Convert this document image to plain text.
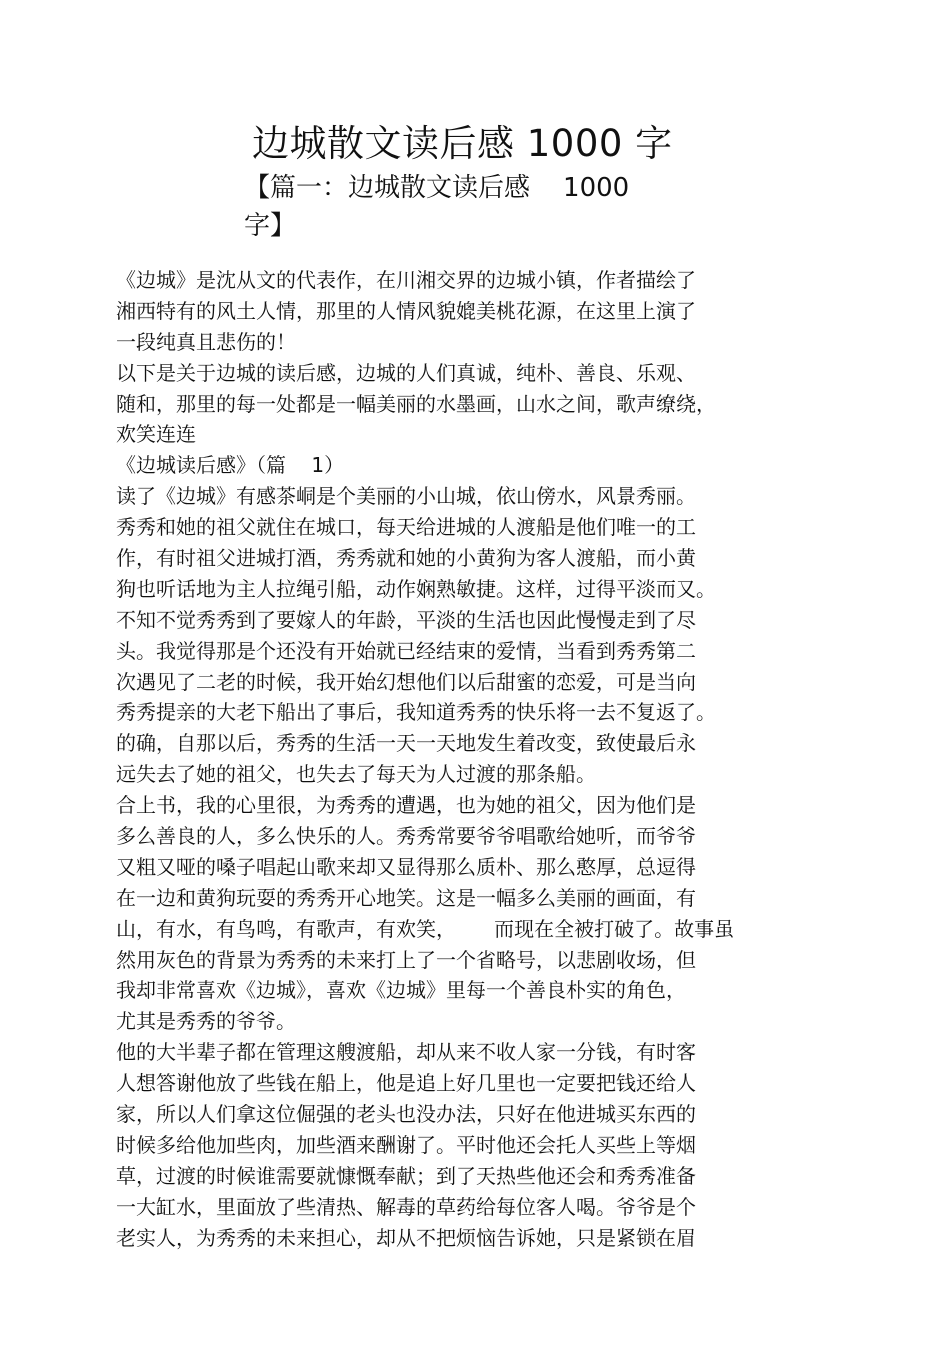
边城散文读后感 1000 字
【篇一：边城散文读后感    1000
字】
《边城》是沈从文的代表作，在川湘交界的边城小镇，作者描绘了
湘西特有的风土人情，那里的人情风貌媲美桃花源，在这里上演了
一段纯真且悲伤的！
以下是关于边城的读后感，边城的人们真诚，纯朴、善良、乐观、
随和，那里的每一处都是一幅美丽的水墨画，山水之间，歌声缭绕，
欢笑连连
《边城读后感》（篇    1）
读了《边城》有感茶峒是个美丽的小山城，依山傍水，风景秀丽。
秀秀和她的祖父就住在城口，每天给进城的人渡船是他们唯一的工
作，有时祖父进城打酒，秀秀就和她的小黄狗为客人渡船，而小黄
狗也听话地为主人拉绳引船，动作娴熟敏捷。这样，过得平淡而又。
不知不觉秀秀到了要嫁人的年龄，平淡的生活也因此慢慢走到了尽
头。我觉得那是个还没有开始就已经结束的爱情，当看到秀秀第二
次遇见了二老的时候，我开始幻想他们以后甜蜜的恋爱，可是当向
秀秀提亲的大老下船出了事后，我知道秀秀的快乐将一去不复返了。
的确，自那以后，秀秀的生活一天一天地发生着改变，致使最后永
远失去了她的祖父，也失去了每天为人过渡的那条船。
合上书，我的心里很，为秀秀的遭遇，也为她的祖父，因为他们是
多么善良的人，多么快乐的人。秀秀常要爷爷唱歌给她听，而爷爷
又粗又哑的嗓子唱起山歌来却又显得那么质朴、那么憨厚，总逗得
在一边和黄狗玩耍的秀秀开心地笑。这是一幅多么美丽的画面，有
山，有水，有鸟鸣，有歌声，有欢笑，      而现在全被打破了。故事虽
然用灰色的背景为秀秀的未来打上了一个省略号，以悲剧收场，但
我却非常喜欢《边城》，喜欢《边城》里每一个善良朴实的角色，
尤其是秀秀的爷爷。
他的大半辈子都在管理这艘渡船，却从来不收人家一分钱，有时客
人想答谢他放了些钱在船上，他是追上好几里也一定要把钱还给人
家，所以人们拿这位倔强的老头也没办法，只好在他进城买东西的
时候多给他加些肉，加些酒来酬谢了。平时他还会托人买些上等烟
草，过渡的时候谁需要就慷慨奉献；到了天热些他还会和秀秀准备
一大缸水，里面放了些清热、解毒的草药给每位客人喝。爷爷是个
老实人，为秀秀的未来担心，却从不把烦恼告诉她，只是紧锁在眉
